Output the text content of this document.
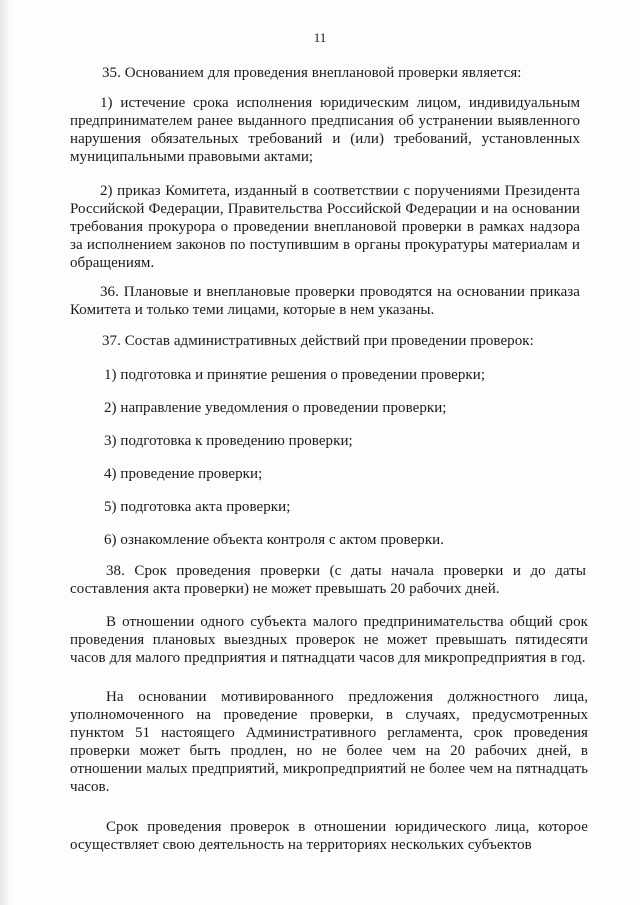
11

35. Основанием для проведения внеплановой проверки является:

1) истечение срока исполнения юридическим лицом, индивидуальным предпринимателем ранее выданного предписания об устранении выявленного нарушения обязательных требований и (или) требований, установленных муниципальными правовыми актами;

2) приказ Комитета, изданный в соответствии с поручениями Президента Российской Федерации, Правительства Российской Федерации и на основании требования прокурора о проведении внеплановой проверки в рамках надзора за исполнением законов по поступившим в органы прокуратуры материалам и обращениям.

36. Плановые и внеплановые проверки проводятся на основании приказа Комитета и только теми лицами, которые в нем указаны.

37. Состав административных действий при проведении проверок:

1) подготовка и принятие решения о проведении проверки;

2) направление уведомления о проведении проверки;

3) подготовка к проведению проверки;

4) проведение проверки;

5) подготовка акта проверки;

6) ознакомление объекта контроля с актом проверки.

38. Срок проведения проверки (с даты начала проверки и до даты составления акта проверки) не может превышать 20 рабочих дней.

В отношении одного субъекта малого предпринимательства общий срок проведения плановых выездных проверок не может превышать пятидесяти часов для малого предприятия и пятнадцати часов для микропредприятия в год.

На основании мотивированного предложения должностного лица, уполномоченного на проведение проверки, в случаях, предусмотренных пунктом 51 настоящего Административного регламента, срок проведения проверки может быть продлен, но не более чем на 20 рабочих дней, в отношении малых предприятий, микропредприятий не более чем на пятнадцать часов.

Срок проведения проверок в отношении юридического лица, которое осуществляет свою деятельность на территориях нескольких субъектов
